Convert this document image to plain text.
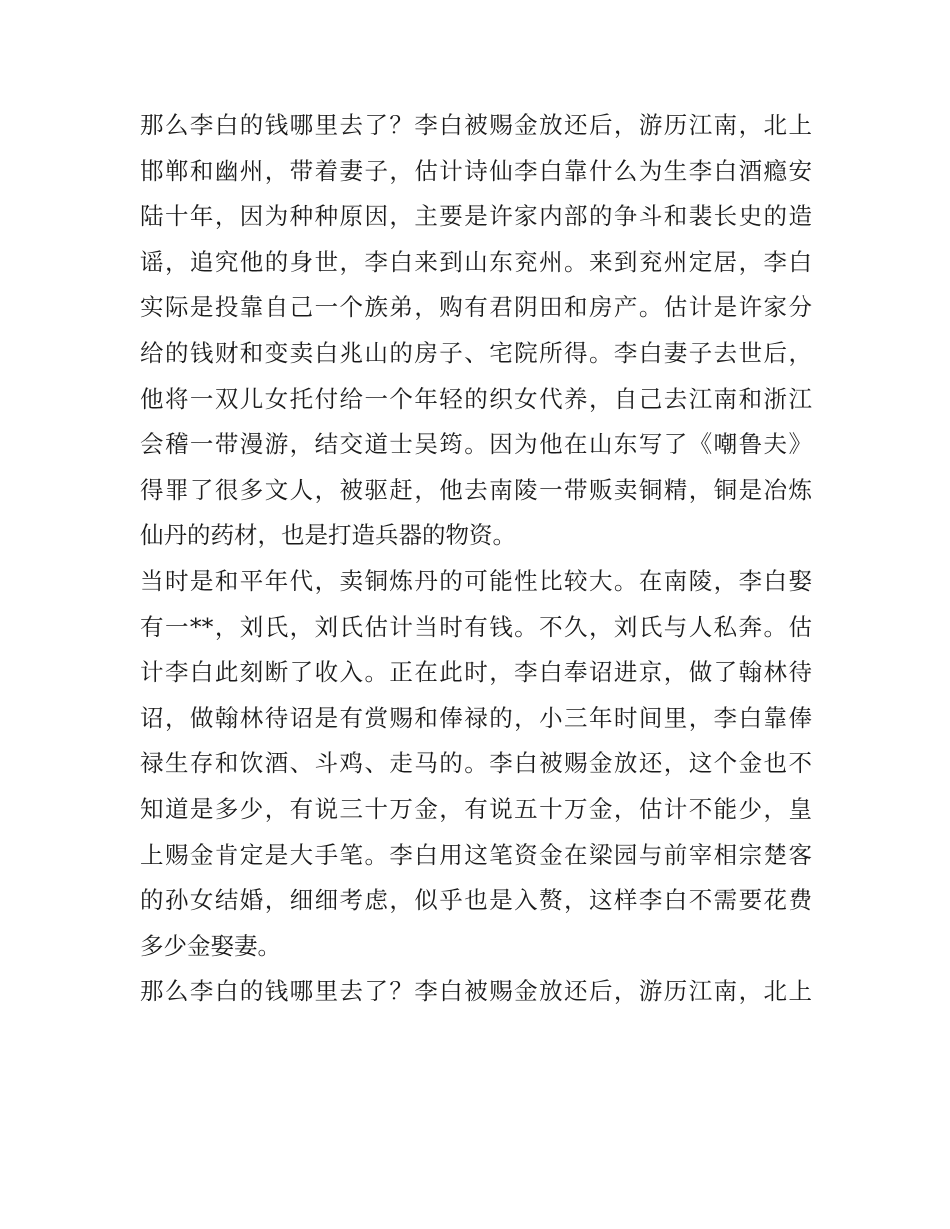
那么李白的钱哪里去了？李白被赐金放还后，游历江南，北上
邯郸和幽州，带着妻子，估计诗仙李白靠什么为生李白酒瘾安
陆十年，因为种种原因，主要是许家内部的争斗和裴长史的造
谣，追究他的身世，李白来到山东兖州。来到兖州定居，李白
实际是投靠自己一个族弟，购有君阴田和房产。估计是许家分
给的钱财和变卖白兆山的房子、宅院所得。李白妻子去世后，
他将一双儿女托付给一个年轻的织女代养，自己去江南和浙江
会稽一带漫游，结交道士吴筠。因为他在山东写了《嘲鲁夫》
得罪了很多文人，被驱赶，他去南陵一带贩卖铜精，铜是冶炼
仙丹的药材，也是打造兵器的物资。
当时是和平年代，卖铜炼丹的可能性比较大。在南陵，李白娶
有一**，刘氏，刘氏估计当时有钱。不久，刘氏与人私奔。估
计李白此刻断了收入。正在此时，李白奉诏进京，做了翰林待
诏，做翰林待诏是有赏赐和俸禄的，小三年时间里，李白靠俸
禄生存和饮酒、斗鸡、走马的。李白被赐金放还，这个金也不
知道是多少，有说三十万金，有说五十万金，估计不能少，皇
上赐金肯定是大手笔。李白用这笔资金在梁园与前宰相宗楚客
的孙女结婚，细细考虑，似乎也是入赘，这样李白不需要花费
多少金娶妻。
那么李白的钱哪里去了？李白被赐金放还后，游历江南，北上
